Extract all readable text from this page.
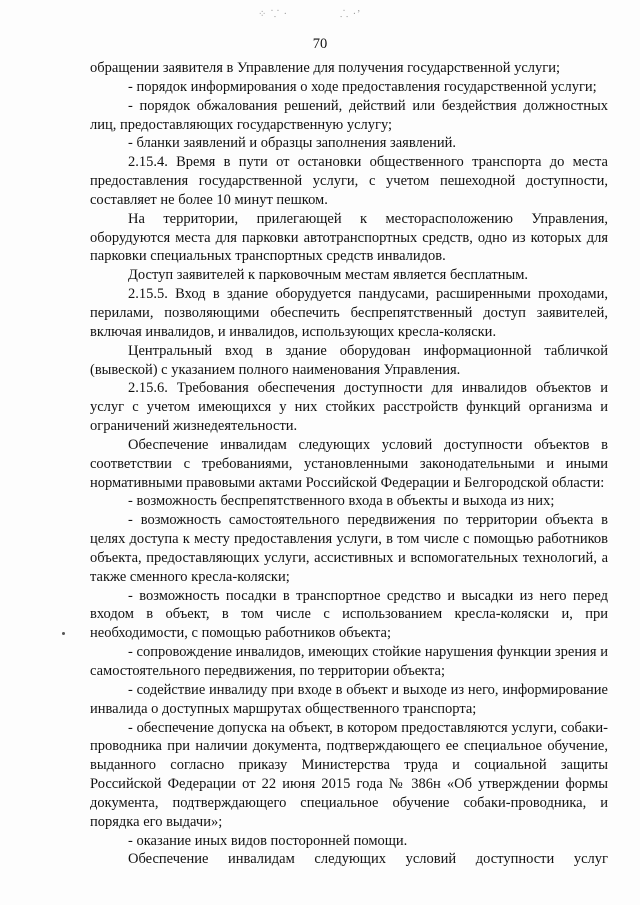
⁘ ⸪ ·	⸫ ·ʼ
70

обращении заявителя в Управление для получения государственной услуги;

- порядок информирования о ходе предоставления государственной услуги;

- порядок обжалования решений, действий или бездействия должностных лиц, предоставляющих государственную услугу;

- бланки заявлений и образцы заполнения заявлений.

2.15.4. Время в пути от остановки общественного транспорта до места предоставления государственной услуги, с учетом пешеходной доступности, составляет не более 10 минут пешком.

На территории, прилегающей к месторасположению Управления, оборудуются места для парковки автотранспортных средств, одно из которых для парковки специальных транспортных средств инвалидов.

Доступ заявителей к парковочным местам является бесплатным.

2.15.5. Вход в здание оборудуется пандусами, расширенными проходами, перилами, позволяющими обеспечить беспрепятственный доступ заявителей, включая инвалидов, и инвалидов, использующих кресла-коляски.

Центральный вход в здание оборудован информационной табличкой (вывеской) с указанием полного наименования Управления.

2.15.6. Требования обеспечения доступности для инвалидов объектов и услуг с учетом имеющихся у них стойких расстройств функций организма и ограничений жизнедеятельности.

Обеспечение инвалидам следующих условий доступности объектов в соответствии с требованиями, установленными законодательными и иными нормативными правовыми актами Российской Федерации и Белгородской области:

- возможность беспрепятственного входа в объекты и выхода из них;

- возможность самостоятельного передвижения по территории объекта в целях доступа к месту предоставления услуги, в том числе с помощью работников объекта, предоставляющих услуги, ассистивных и вспомогательных технологий, а также сменного кресла-коляски;

- возможность посадки в транспортное средство и высадки из него перед входом в объект, в том числе с использованием кресла-коляски и, при необходимости, с помощью работников объекта;

- сопровождение инвалидов, имеющих стойкие нарушения функции зрения и самостоятельного передвижения, по территории объекта;

- содействие инвалиду при входе в объект и выходе из него, информирование инвалида о доступных маршрутах общественного транспорта;

- обеспечение допуска на объект, в котором предоставляются услуги, собаки-проводника при наличии документа, подтверждающего ее специальное обучение, выданного согласно приказу Министерства труда и социальной защиты Российской Федерации от 22 июня 2015 года № 386н «Об утверждении формы документа, подтверждающего специальное обучение собаки-проводника, и порядка его выдачи»;

- оказание иных видов посторонней помощи.

Обеспечение инвалидам следующих условий доступности услуг
